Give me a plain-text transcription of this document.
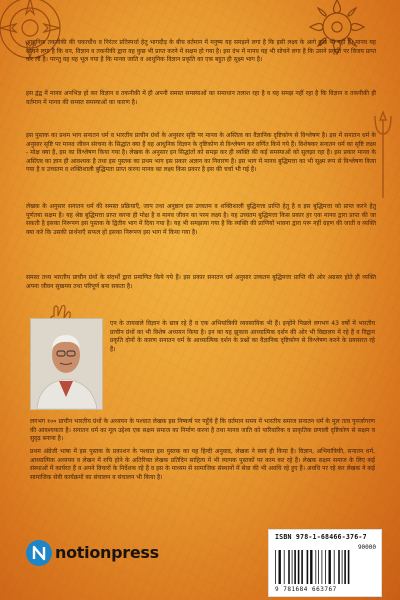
आधुनिक तकनीकी की चकाचौंध व निरंतर प्रतिस्पर्धा हेतु भागदौड़ के बीच वर्तमान में मनुष्य यह समझने लगा है कि इसी लक्ष्य के आगे कुछ भी नहीं है। मानव यह सोचने लगा है कि धन, विज्ञान व तकनीकी द्वारा वह कुछ भी प्राप्त करने में सक्षम हो गया है। इस दंभ में मानव यह भी सोचने लगा है कि उसने प्रकृति पर विजय प्राप्त कर ली है। परन्तु वह यह भूल गया है कि मानव जाति व आधुनिक विज्ञान प्रकृति का एक बहुत ही सूक्ष्म भाग है।
इस द्वंद्व में मानव अनभिज्ञ हो कर विज्ञान व तकनीकी में ही अपनी समस्त समस्याओं का समाधान तलाश रहा है व यह समझ नहीं रहा है कि विज्ञान व तकनीकी ही वर्तमान में मानव की समस्त समस्याओं का कारण है।
इस पुस्तक का प्रथम भाग सनातन धर्म व भारतीय प्राचीन ग्रंथों के अनुसार सृष्टि पर मानव के अस्तित्व का वैज्ञानिक दृष्टिकोण से विश्लेषण है। इस में सनातन धर्म के अनुसार सृष्टि पर मानव जीवन संरचना के सिद्धांत क्या हैं वह आधुनिक विज्ञान के दृष्टिकोण से विश्लेषण कर वर्णित किये गये हैं। विशेषकर सनातन धर्म का सृष्टि लक्ष्य - मोक्ष क्या है, इस का विश्लेषण किया गया है। लेखक के अनुसार इन सिद्धांतों को समझ कर ही व्यक्ति की कई समस्याओं को सुलझा रहा है। इस प्रकार मानव के अस्तित्व का ज्ञान ही आवश्यक है तथा इस पुस्तक का प्रथम भाग इस प्रकार अज्ञान का निवारण है। इस भाग में मानव बुद्धिमत्ता का भी सूक्ष्म रूप से विश्लेषण किया गया है व उच्चतम व शक्तिशाली बुद्धिमता प्राप्त करना मानव का लक्ष्य किस प्रकार है इस की चर्चा भी गई है।
लेखक के अनुसार सनातन धर्म की समस्त प्रक्रियाएँ, जाप तथा अनुष्ठान इस उच्चतम व शक्तिशाली बुद्धिमत्ता प्राप्ति हेतु है व इस बुद्धिमत्ता को प्राप्त करने हेतु पूर्णतया सक्षम है। यह श्रेष्ठ बुद्धिमत्ता प्राप्त करना ही मोक्ष है व मानव जीवन का परम लक्ष्य है। यह उच्चतम बुद्धिमत्ता किस प्रकार हर एक मानव द्वारा प्राप्त की जा सकती है इसका निरूपण इस पुस्तक के द्वितीय भाग में दिया गया है। यह भी समझाया गया है कि व्यक्ति की प्राणियों भावना द्वारा परू नहीं ग्रहण की जाती व व्यक्ति क्या करे कि उसकी प्रार्थनाएँ सफल हों इसका निरूपण इस भाग में किया गया है।
समस्त तथ्य भारतीय प्राचीन ग्रंथों के संदर्भों द्वारा प्रमाणित किये गये हैं। इस प्रकार सनातन धर्म अनुसार उच्चतम बुद्धिमत्ता प्राप्ति की ओर अग्रसर होते ही व्यक्ति अपना जीवन सुखमय तथा परिपूर्ण बना सकता है।
एन के तायवाले विज्ञान के छात्र रहे हैं व एक अभियांत्रिकी व्यवसायिक भी हैं। इन्होंने पिछले लगभग 43 वर्षों में भारतीय प्राचीन ग्रंथों का भी विशेष अध्ययन किया है। इन का यह झुकाव आध्यात्मिक दर्शन की ओर भी विद्यालय में रहे हैं व विद्वान प्रकृति दोनों के कारण सनातन धर्म के आध्यात्मिक दर्शन के प्रश्नों का वैज्ञानिक दृष्टिकोण से विश्लेषण करने के प्रयासरत रहे हैं।
लगभग १०० प्राचीन भारतीय ग्रंथों के अध्ययन के पश्चात लेखक इस निष्कर्ष पर पहुँचे हैं कि वर्तमान समय में भारतीय समाज सनातन धर्म के मूल तत्व पुनर्जागरण की आवश्यकता है। सनातन धर्म का मूल उद्देश्य एक सक्षम समाज का निर्माण करना है तथा मानव जाति को पारिवारिक व प्राकृतिक प्रणाली दृष्टिकोण से सक्षम व सुदृढ़ बनाना है।
प्रथम अंग्रेजी भाषा में इस पुस्तक के प्रकाशन के पश्चात इस पुस्तक का यह हिन्दी अनुवाद, लेखक ने स्वयं ही किया है। विज्ञान, अभियांत्रिकी, सनातन धर्म, आध्यात्मिक अध्ययन व लेखन में रुचि होने के अतिरिक्त लेखक प्रतिदिन साहित्य में भी व्यापक पुस्तकों पर काम कर रहे हैं। लेखक सक्षम समाज के लिए कई संस्थाओं में कार्यरत हैं व अपने विचारों के निर्देशक रहे हैं व इस के माध्यम से सामाजिक संस्थानों में सेवा की भी अवधि रहे हुए हैं। अवधि पर रहे कर लेखक ने कई सामाजिक सेवी कार्यक्रमों का संचालन व संचालन भी किया है।
notionpress
ISBN 978-1-68466-376-7
90000
9 781684 663767
